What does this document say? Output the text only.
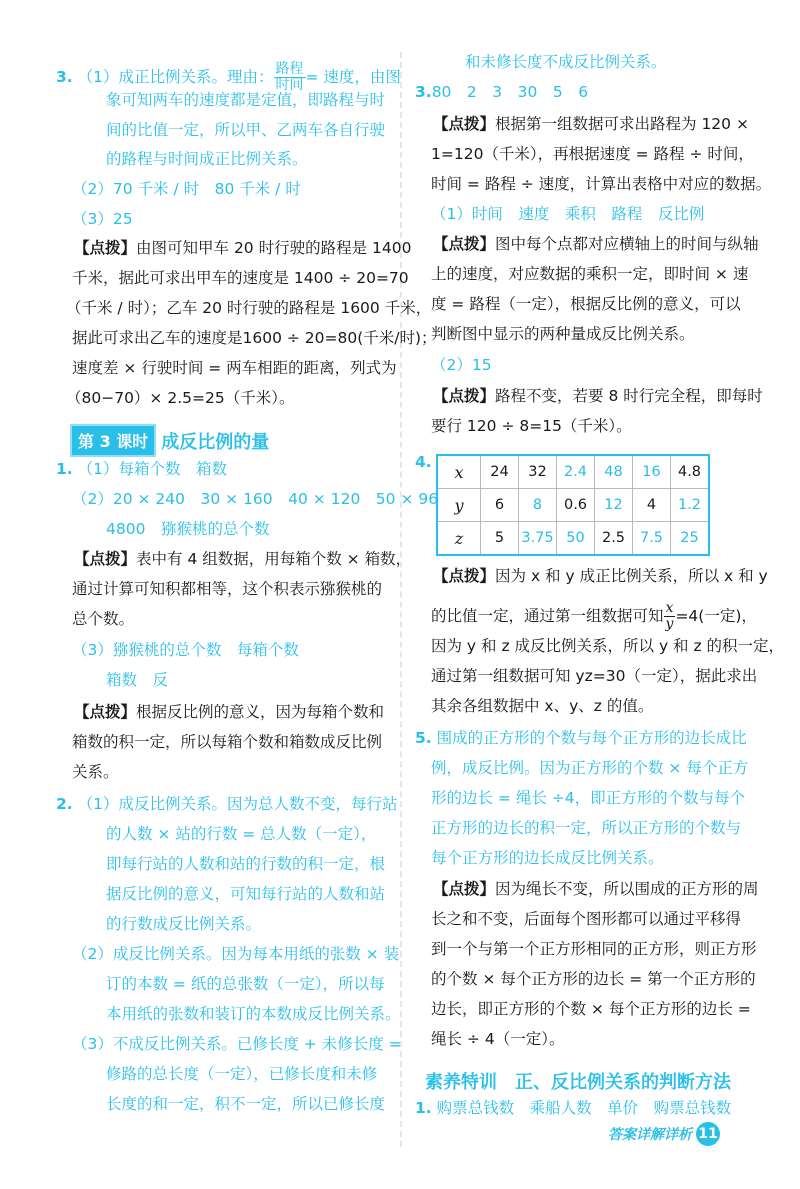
3. （1）成正比例关系。理由： $\frac{\text{路程}}{\text{时间}}$ = 速度，由图
象可知两车的速度都是定值，即路程与时
间的比值一定，所以甲、乙两车各自行驶
的路程与时间成正比例关系。
（2）70 千米 / 时　80 千米 / 时
（3）25
【点拨】由图可知甲车 20 时行驶的路程是 1400
千米，据此可求出甲车的速度是 1400 ÷ 20=70
（千米 / 时）；乙车 20 时行驶的路程是 1600 千米，
据此可求出乙车的速度是1600 ÷ 20=80(千米/时)；
速度差 × 行驶时间 = 两车相距的距离，列式为
（80−70）× 2.5=25（千米）。
第 3 课时 成反比例的量
1. （1）每箱个数　箱数
（2）20 × 240　30 × 160　40 × 120　50 × 96
4800　猕猴桃的总个数
【点拨】表中有 4 组数据，用每箱个数 × 箱数，
通过计算可知积都相等，这个积表示猕猴桃的
总个数。
（3）猕猴桃的总个数　每箱个数
箱数　反
【点拨】根据反比例的意义，因为每箱个数和
箱数的积一定，所以每箱个数和箱数成反比例
关系。
2. （1）成反比例关系。因为总人数不变，每行站
的人数 × 站的行数 = 总人数（一定），
即每行站的人数和站的行数的积一定，根
据反比例的意义，可知每行站的人数和站
的行数成反比例关系。
（2）成反比例关系。因为每本用纸的张数 × 装
订的本数 = 纸的总张数（一定），所以每
本用纸的张数和装订的本数成反比例关系。
（3）不成反比例关系。已修长度 + 未修长度 =
修路的总长度（一定），已修长度和未修
长度的和一定，积不一定，所以已修长度
和未修长度不成反比例关系。
3.80　2　3　30　5　6
【点拨】根据第一组数据可求出路程为 120 ×
1=120（千米），再根据速度 = 路程 ÷ 时间，
时间 = 路程 ÷ 速度，计算出表格中对应的数据。
（1）时间　速度　乘积　路程　反比例
【点拨】图中每个点都对应横轴上的时间与纵轴
上的速度，对应数据的乘积一定，即时间 × 速
度 = 路程（一定），根据反比例的意义，可以
判断图中显示的两种量成反比例关系。
（2）15
【点拨】路程不变，若要 8 时行完全程，即每时
要行 120 ÷ 8=15（千米）。
4.
x	24	32	2.4	48	16	4.8
y	6	8	0.6	12	4	1.2
z	5	3.75	50	2.5	7.5	25
【点拨】因为 x 和 y 成正比例关系，所以 x 和 y
的比值一定，通过第一组数据可知 $\frac{x}{y} =4$(一定)，
因为 y 和 z 成反比例关系，所以 y 和 z 的积一定，
通过第一组数据可知 yz=30（一定），据此求出
其余各组数据中 x、y、z 的值。
5. 围成的正方形的个数与每个正方形的边长成比
例，成反比例。因为正方形的个数 × 每个正方
形的边长 = 绳长 ÷4，即正方形的个数与每个
正方形的边长的积一定，所以正方形的个数与
每个正方形的边长成反比例关系。
【点拨】因为绳长不变，所以围成的正方形的周
长之和不变，后面每个图形都可以通过平移得
到一个与第一个正方形相同的正方形，则正方形
的个数 × 每个正方形的边长 = 第一个正方形的
边长，即正方形的个数 × 每个正方形的边长 =
绳长 ÷ 4（一定）。
素养特训　正、反比例关系的判断方法
1. 购票总钱数　乘船人数　单价　购票总钱数
答案详解详析 11
